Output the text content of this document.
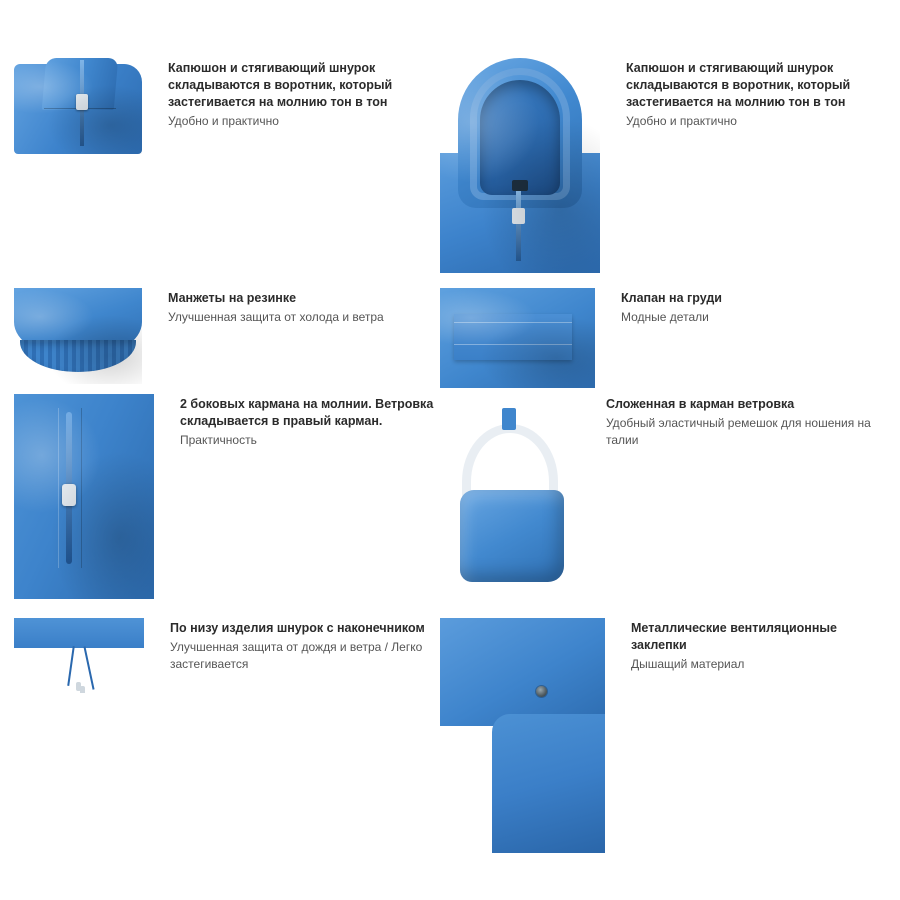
Капюшон и стягивающий шнурок складываются в воротник, который застегивается на молнию тон в тон

Удобно и практично

Капюшон и стягивающий шнурок складываются в воротник, который застегивается на молнию тон в тон

Удобно и практично

Манжеты на резинке

Улучшенная защита от холода и ветра

Клапан на груди

Модные детали

2 боковых кармана на молнии. Ветровка складывается в правый карман.

Практичность

Сложенная в карман ветровка

Удобный эластичный ремешок для ношения на талии

По низу изделия шнурок с наконечником

Улучшенная защита от дождя и ветра / Легко застегивается

Металлические вентиляционные заклепки

Дышащий материал
